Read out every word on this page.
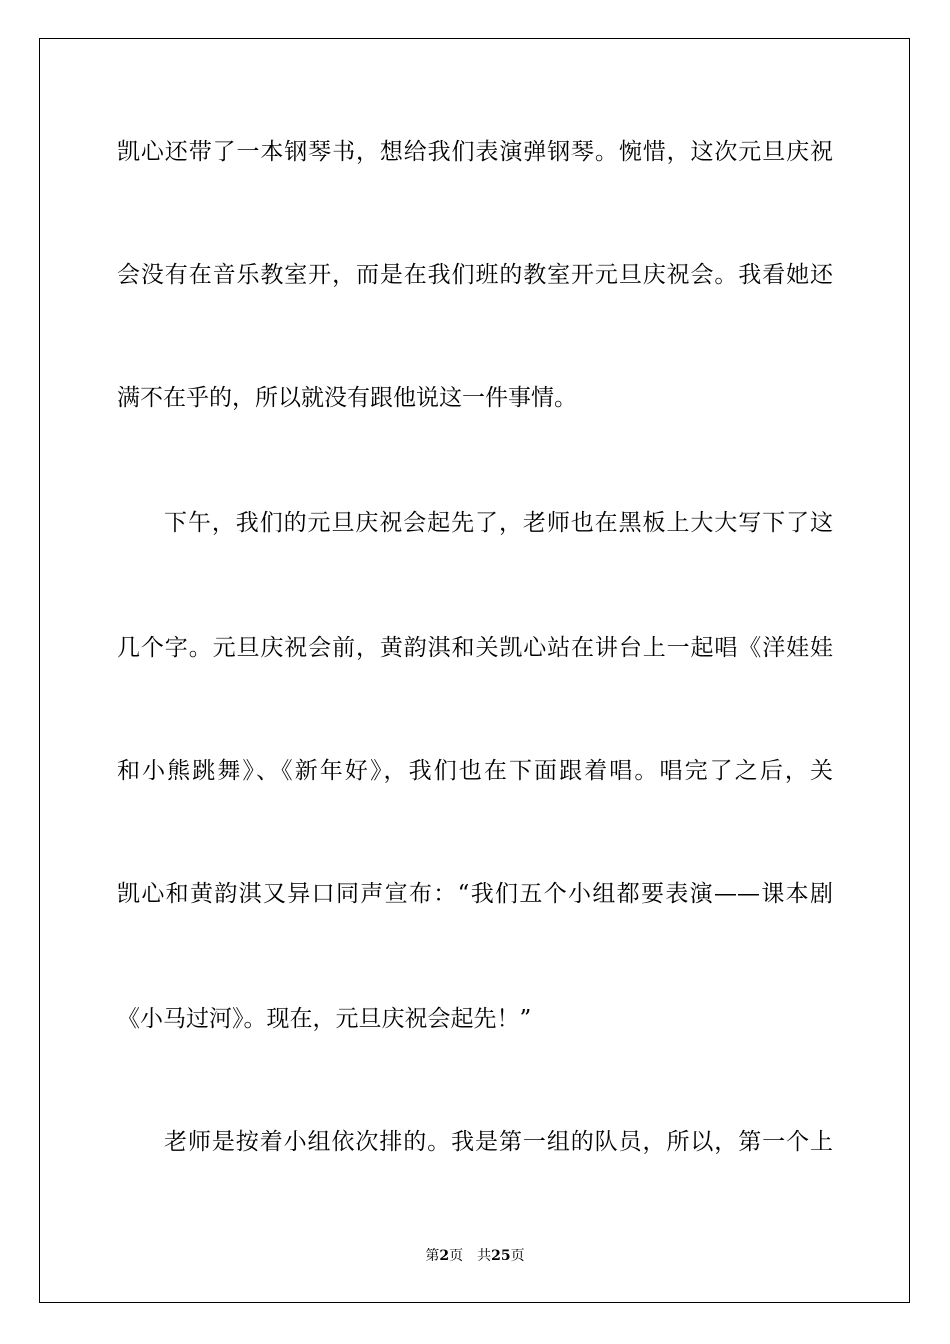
凯心还带了一本钢琴书，想给我们表演弹钢琴。惋惜，这次元旦庆祝
会没有在音乐教室开，而是在我们班的教室开元旦庆祝会。我看她还
满不在乎的，所以就没有跟他说这一件事情。
下午，我们的元旦庆祝会起先了，老师也在黑板上大大写下了这
几个字。元旦庆祝会前，黄韵淇和关凯心站在讲台上一起唱《洋娃娃
和小熊跳舞》、《新年好》，我们也在下面跟着唱。唱完了之后，关
凯心和黄韵淇又异口同声宣布：“我们五个小组都要表演——课本剧
《小马过河》。现在，元旦庆祝会起先！”
老师是按着小组依次排的。我是第一组的队员，所以，第一个上
第2页 共25页
